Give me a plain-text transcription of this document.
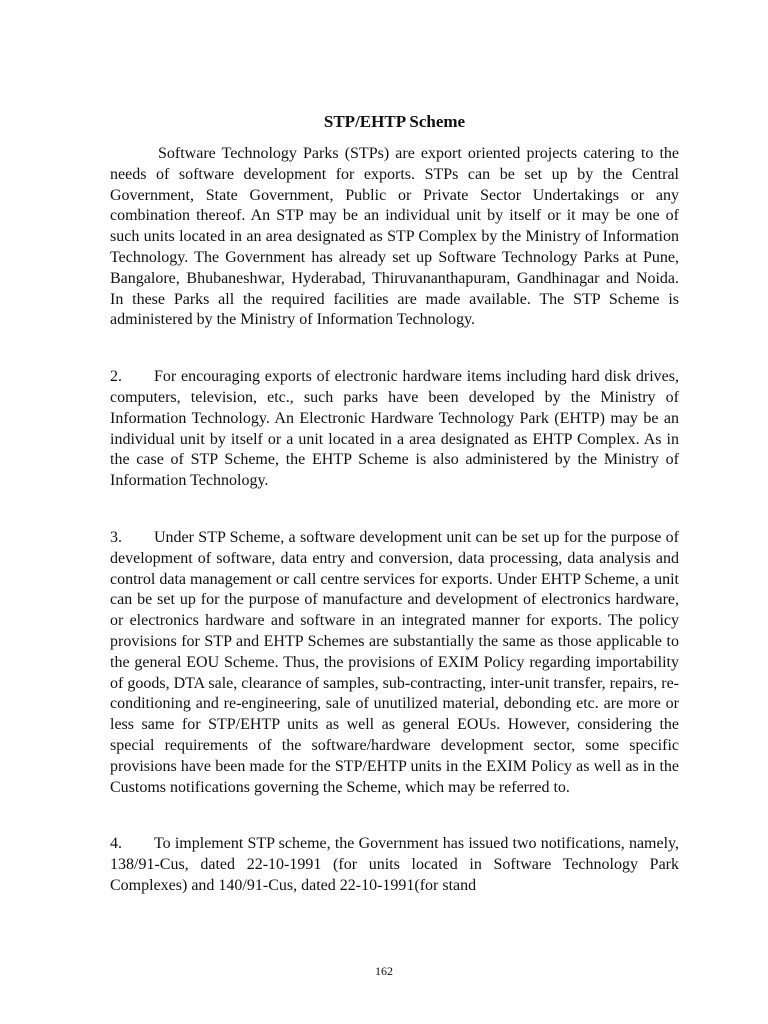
STP/EHTP Scheme

Software Technology Parks (STPs) are export oriented projects catering to the needs of software development for exports. STPs can be set up by the Central Government, State Government, Public or Private Sector Undertakings or any combination thereof. An STP may be an individual unit by itself or it may be one of such units located in an area designated as STP Complex by the Ministry of Information Technology. The Government has already set up Software Technology Parks at Pune, Bangalore, Bhubaneshwar, Hyderabad, Thiruvananthapuram, Gandhinagar and Noida. In these Parks all the required facilities are made available. The STP Scheme is administered by the Ministry of Information Technology.

2. For encouraging exports of electronic hardware items including hard disk drives, computers, television, etc., such parks have been developed by the Ministry of Information Technology. An Electronic Hardware Technology Park (EHTP) may be an individual unit by itself or a unit located in a area designated as EHTP Complex. As in the case of STP Scheme, the EHTP Scheme is also administered by the Ministry of Information Technology.

3. Under STP Scheme, a software development unit can be set up for the purpose of development of software, data entry and conversion, data processing, data analysis and control data management or call centre services for exports. Under EHTP Scheme, a unit can be set up for the purpose of manufacture and development of electronics hardware, or electronics hardware and software in an integrated manner for exports. The policy provisions for STP and EHTP Schemes are substantially the same as those applicable to the general EOU Scheme. Thus, the provisions of EXIM Policy regarding importability of goods, DTA sale, clearance of samples, sub-contracting, inter-unit transfer, repairs, re-conditioning and re-engineering, sale of unutilized material, debonding etc. are more or less same for STP/EHTP units as well as general EOUs. However, considering the special requirements of the software/hardware development sector, some specific provisions have been made for the STP/EHTP units in the EXIM Policy as well as in the Customs notifications governing the Scheme, which may be referred to.

4. To implement STP scheme, the Government has issued two notifications, namely, 138/91-Cus, dated 22-10-1991 (for units located in Software Technology Park Complexes) and 140/91-Cus, dated 22-10-1991(for stand

162
